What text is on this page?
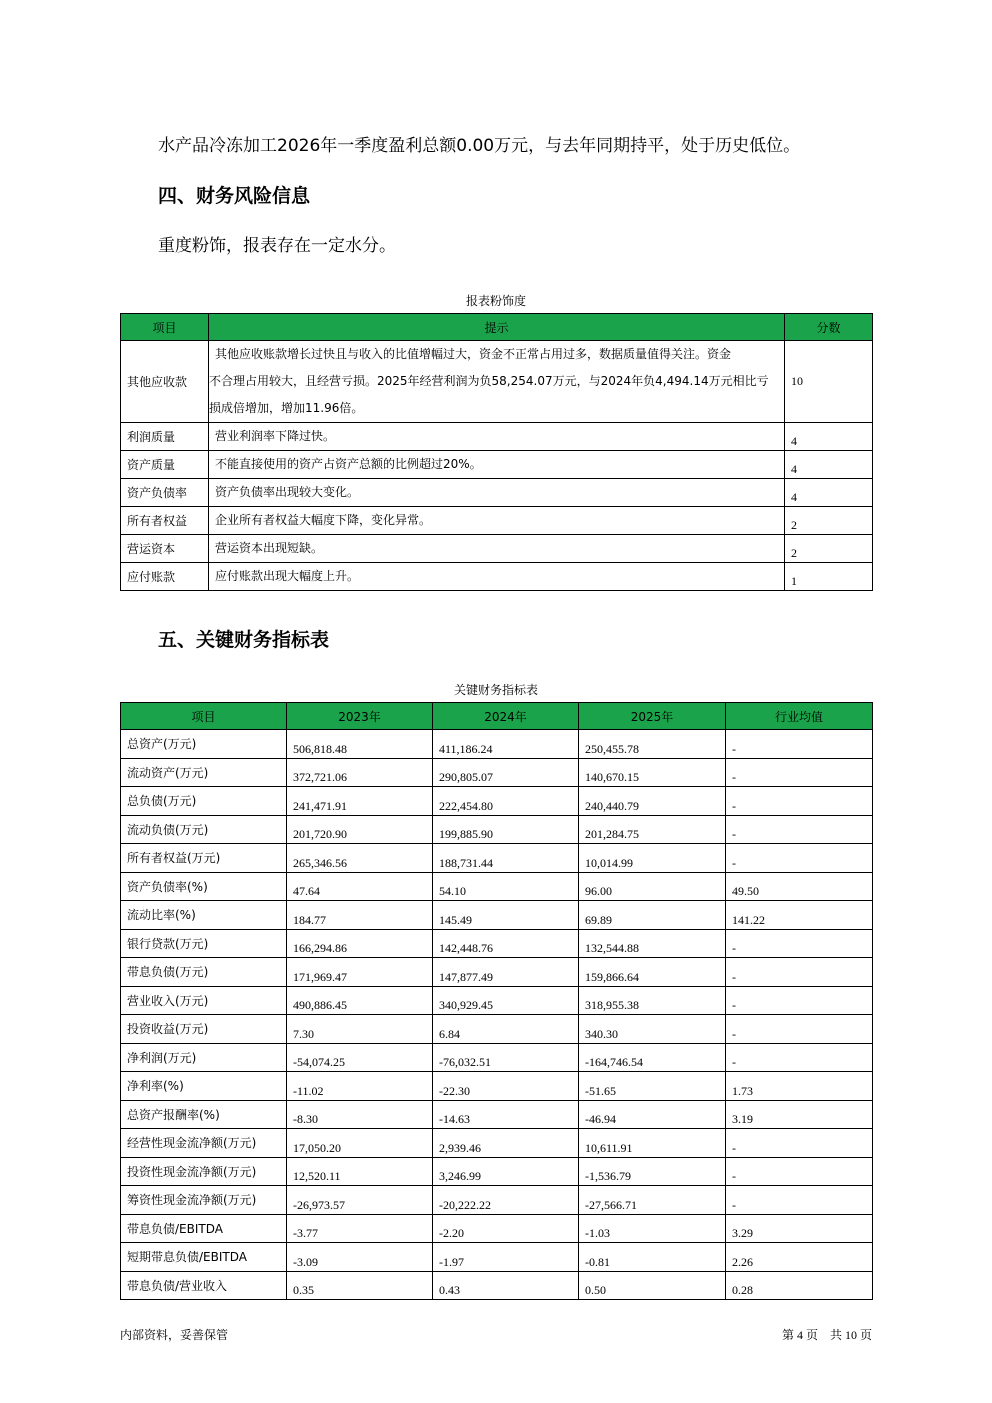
水产品冷冻加工2026年一季度盈利总额0.00万元，与去年同期持平，处于历史低位。
四、财务风险信息
重度粉饰，报表存在一定水分。
报表粉饰度
项目	提示	分数
其他应收款	其他应收账款增长过快且与收入的比值增幅过大，资金不正常占用过多，数据质量值得关注。资金
不合理占用较大，且经营亏损。2025年经营利润为负58,254.07万元，与2024年负4,494.14万元相比亏
损成倍增加，增加11.96倍。	10
利润质量	营业利润率下降过快。	4
资产质量	不能直接使用的资产占资产总额的比例超过20%。	4
资产负债率	资产负债率出现较大变化。	4
所有者权益	企业所有者权益大幅度下降，变化异常。	2
营运资本	营运资本出现短缺。	2
应付账款	应付账款出现大幅度上升。	1
五、关键财务指标表
关键财务指标表
项目	2023年	2024年	2025年	行业均值
总资产(万元)	506,818.48	411,186.24	250,455.78	-
流动资产(万元)	372,721.06	290,805.07	140,670.15	-
总负债(万元)	241,471.91	222,454.80	240,440.79	-
流动负债(万元)	201,720.90	199,885.90	201,284.75	-
所有者权益(万元)	265,346.56	188,731.44	10,014.99	-
资产负债率(%)	47.64	54.10	96.00	49.50
流动比率(%)	184.77	145.49	69.89	141.22
银行贷款(万元)	166,294.86	142,448.76	132,544.88	-
带息负债(万元)	171,969.47	147,877.49	159,866.64	-
营业收入(万元)	490,886.45	340,929.45	318,955.38	-
投资收益(万元)	7.30	6.84	340.30	-
净利润(万元)	-54,074.25	-76,032.51	-164,746.54	-
净利率(%)	-11.02	-22.30	-51.65	1.73
总资产报酬率(%)	-8.30	-14.63	-46.94	3.19
经营性现金流净额(万元)	17,050.20	2,939.46	10,611.91	-
投资性现金流净额(万元)	12,520.11	3,246.99	-1,536.79	-
筹资性现金流净额(万元)	-26,973.57	-20,222.22	-27,566.71	-
带息负债/EBITDA	-3.77	-2.20	-1.03	3.29
短期带息负债/EBITDA	-3.09	-1.97	-0.81	2.26
带息负债/营业收入	0.35	0.43	0.50	0.28
内部资料，妥善保管	第 4 页　共 10 页
